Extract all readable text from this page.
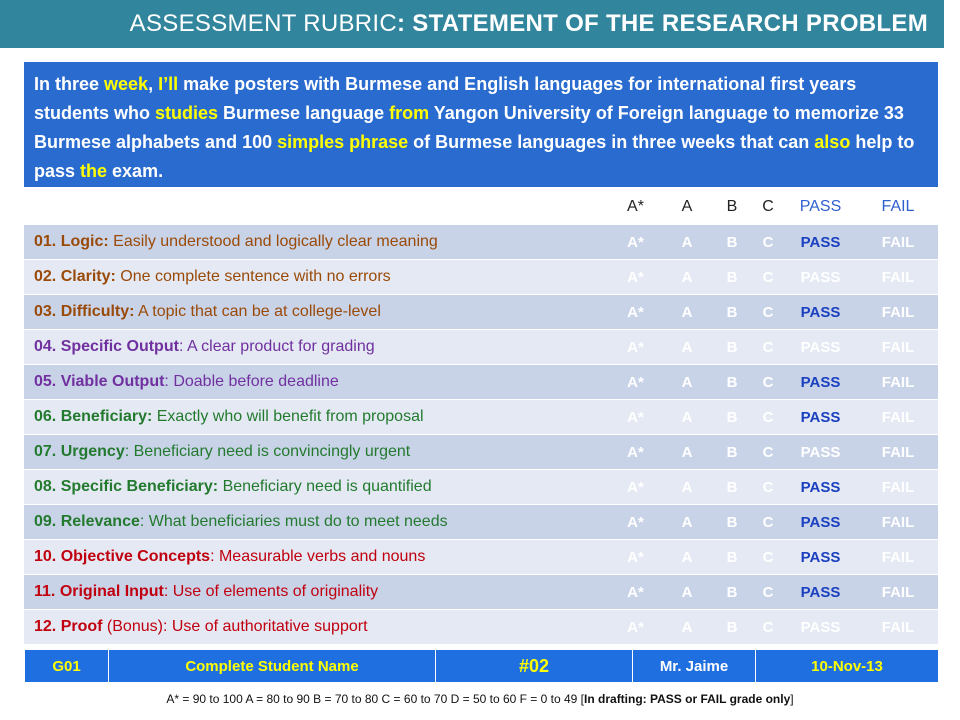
ASSESSMENT RUBRIC: STATEMENT OF THE RESEARCH PROBLEM
In three week, I’ll make posters with Burmese and English languages for international first years students who studies Burmese language from Yangon University of Foreign language to memorize 33 Burmese alphabets and 100 simples phrase of Burmese languages in three weeks that can also help to pass the exam.
	A*	A	B	C	PASS	FAIL
01. Logic: Easily understood and logically clear meaning	A*	A	B	C	PASS	FAIL
02. Clarity: One complete sentence with no errors	A*	A	B	C	PASS	FAIL
03. Difficulty: A topic that can be at college-level	A*	A	B	C	PASS	FAIL
04. Specific Output: A clear product for grading	A*	A	B	C	PASS	FAIL
05. Viable Output: Doable before deadline	A*	A	B	C	PASS	FAIL
06. Beneficiary: Exactly who will benefit from proposal	A*	A	B	C	PASS	FAIL
07. Urgency: Beneficiary need is convincingly urgent	A*	A	B	C	PASS	FAIL
08. Specific Beneficiary: Beneficiary need is quantified	A*	A	B	C	PASS	FAIL
09. Relevance: What beneficiaries must do to meet needs	A*	A	B	C	PASS	FAIL
10. Objective Concepts: Measurable verbs and nouns	A*	A	B	C	PASS	FAIL
11. Original Input: Use of elements of originality	A*	A	B	C	PASS	FAIL
12. Proof (Bonus): Use of authoritative support	A*	A	B	C	PASS	FAIL
G01	Complete Student Name	#02	Mr. Jaime	10-Nov-13
A* = 90 to 100 A = 80 to 90 B = 70 to 80 C = 60 to 70 D = 50 to 60 F = 0 to 49 [In drafting: PASS or FAIL grade only]
